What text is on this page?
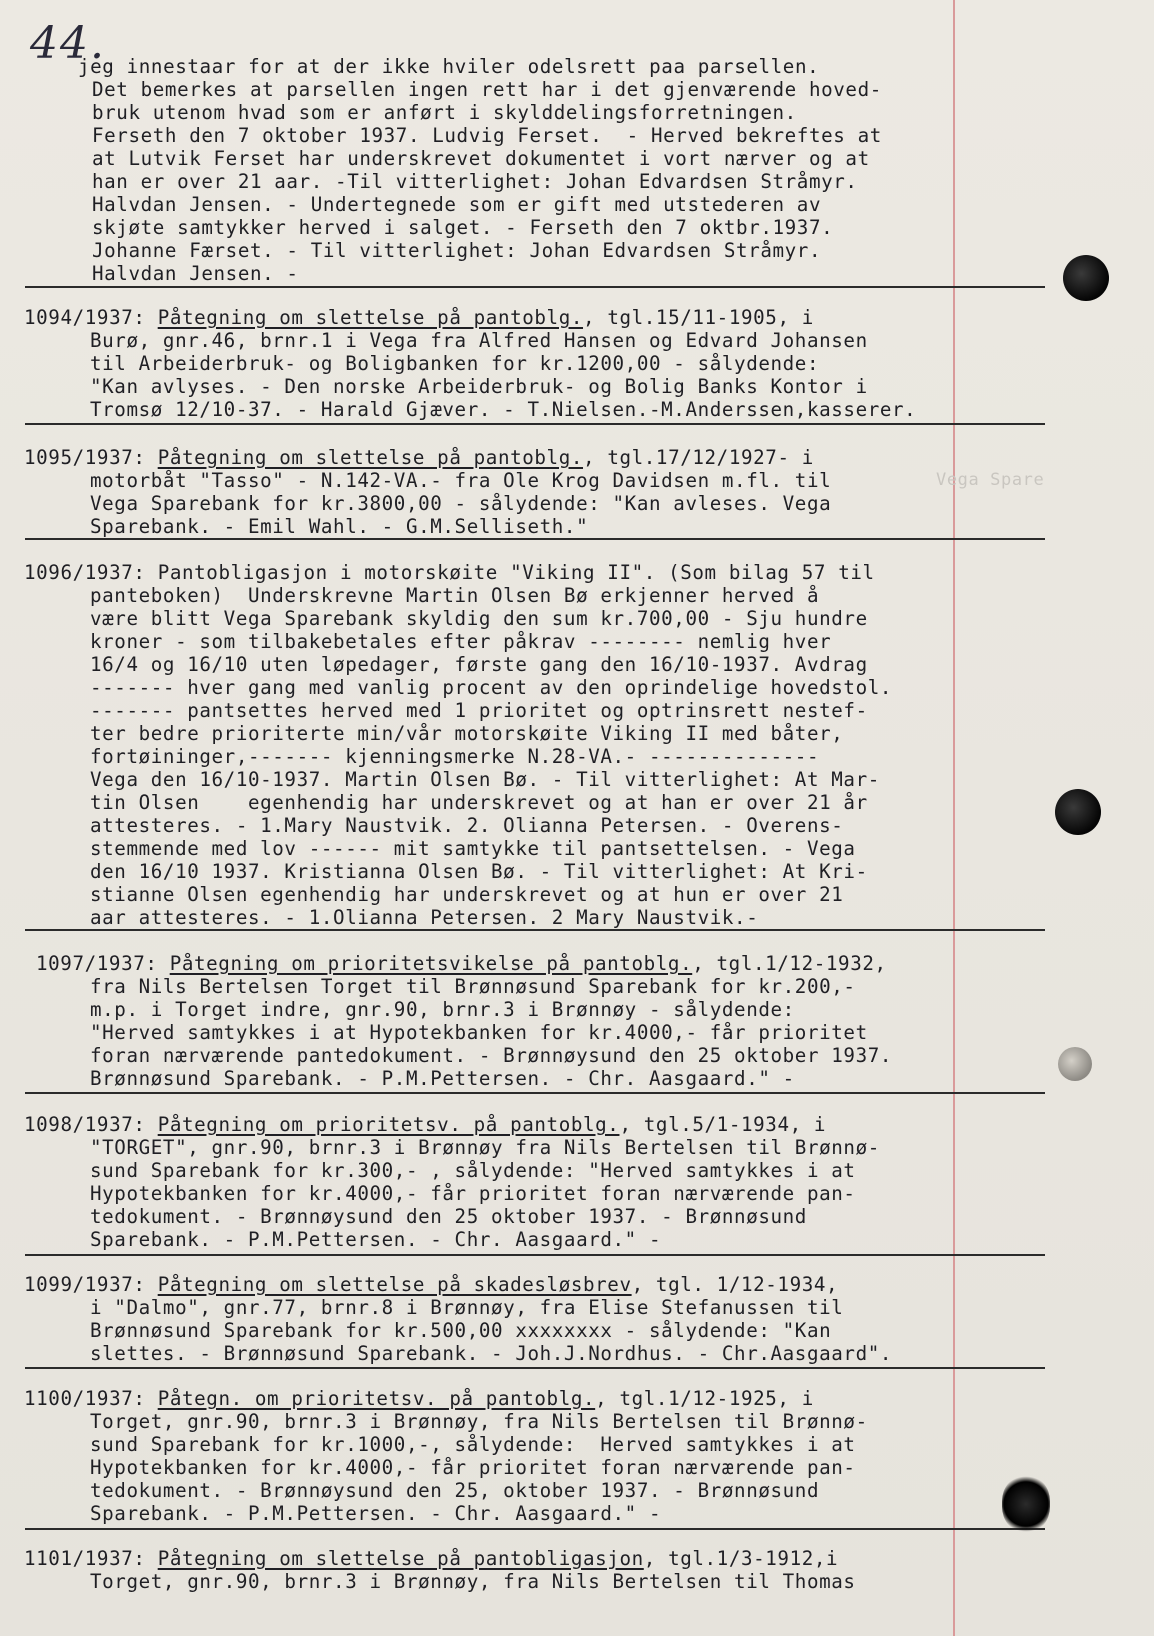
44.
jeg innestaar for at der ikke hviler odelsrett paa parsellen.
Det bemerkes at parsellen ingen rett har i det gjenværende hoved-
bruk utenom hvad som er anført i skylddelingsforretningen.
Ferseth den 7 oktober 1937. Ludvig Ferset.  - Herved bekreftes at
at Lutvik Ferset har underskrevet dokumentet i vort nærver og at
han er over 21 aar. -Til vitterlighet: Johan Edvardsen Stråmyr.
Halvdan Jensen. - Undertegnede som er gift med utstederen av
skjøte samtykker herved i salget. - Ferseth den 7 oktbr.1937.
Johanne Færset. - Til vitterlighet: Johan Edvardsen Stråmyr.
Halvdan Jensen. -
1094/1937: Påtegning om slettelse på pantoblg., tgl.15/11-1905, i
Burø, gnr.46, brnr.1 i Vega fra Alfred Hansen og Edvard Johansen
til Arbeiderbruk- og Boligbanken for kr.1200,00 - sålydende:
"Kan avlyses. - Den norske Arbeiderbruk- og Bolig Banks Kontor i
Tromsø 12/10-37. - Harald Gjæver. - T.Nielsen.-M.Anderssen,kasserer.
1095/1937: Påtegning om slettelse på pantoblg., tgl.17/12/1927- i
motorbåt "Tasso" - N.142-VA.- fra Ole Krog Davidsen m.fl. til
Vega Sparebank for kr.3800,00 - sålydende: "Kan avleses. Vega
Sparebank. - Emil Wahl. - G.M.Selliseth."
Vega Spare
1096/1937: Pantobligasjon i motorskøite "Viking II". (Som bilag 57 til
panteboken)  Underskrevne Martin Olsen Bø erkjenner herved å
være blitt Vega Sparebank skyldig den sum kr.700,00 - Sju hundre
kroner - som tilbakebetales efter påkrav -------- nemlig hver
16/4 og 16/10 uten løpedager, første gang den 16/10-1937. Avdrag
------- hver gang med vanlig procent av den oprindelige hovedstol.
------- pantsettes herved med 1 prioritet og optrinsrett nestef-
ter bedre prioriterte min/vår motorskøite Viking II med båter,
fortøininger,------- kjenningsmerke N.28-VA.- --------------
Vega den 16/10-1937. Martin Olsen Bø. - Til vitterlighet: At Mar-
tin Olsen    egenhendig har underskrevet og at han er over 21 år
attesteres. - 1.Mary Naustvik. 2. Olianna Petersen. - Overens-
stemmende med lov ------ mit samtykke til pantsettelsen. - Vega
den 16/10 1937. Kristianna Olsen Bø. - Til vitterlighet: At Kri-
stianne Olsen egenhendig har underskrevet og at hun er over 21
aar attesteres. - 1.Olianna Petersen. 2 Mary Naustvik.-
1097/1937: Påtegning om prioritetsvikelse på pantoblg., tgl.1/12-1932,
fra Nils Bertelsen Torget til Brønnøsund Sparebank for kr.200,-
m.p. i Torget indre, gnr.90, brnr.3 i Brønnøy - sålydende:
"Herved samtykkes i at Hypotekbanken for kr.4000,- får prioritet
foran nærværende pantedokument. - Brønnøysund den 25 oktober 1937.
Brønnøsund Sparebank. - P.M.Pettersen. - Chr. Aasgaard." -
1098/1937: Påtegning om prioritetsv. på pantoblg., tgl.5/1-1934, i
"TORGET", gnr.90, brnr.3 i Brønnøy fra Nils Bertelsen til Brønnø-
sund Sparebank for kr.300,- , sålydende: "Herved samtykkes i at
Hypotekbanken for kr.4000,- får prioritet foran nærværende pan-
tedokument. - Brønnøysund den 25 oktober 1937. - Brønnøsund
Sparebank. - P.M.Pettersen. - Chr. Aasgaard." -
1099/1937: Påtegning om slettelse på skadesløsbrev, tgl. 1/12-1934,
i "Dalmo", gnr.77, brnr.8 i Brønnøy, fra Elise Stefanussen til
Brønnøsund Sparebank for kr.500,00 xxxxxxxx - sålydende: "Kan
slettes. - Brønnøsund Sparebank. - Joh.J.Nordhus. - Chr.Aasgaard".
1100/1937: Påtegn. om prioritetsv. på pantoblg., tgl.1/12-1925, i
Torget, gnr.90, brnr.3 i Brønnøy, fra Nils Bertelsen til Brønnø-
sund Sparebank for kr.1000,-, sålydende:  Herved samtykkes i at
Hypotekbanken for kr.4000,- får prioritet foran nærværende pan-
tedokument. - Brønnøysund den 25, oktober 1937. - Brønnøsund
Sparebank. - P.M.Pettersen. - Chr. Aasgaard." -
1101/1937: Påtegning om slettelse på pantobligasjon, tgl.1/3-1912,i
Torget, gnr.90, brnr.3 i Brønnøy, fra Nils Bertelsen til Thomas
